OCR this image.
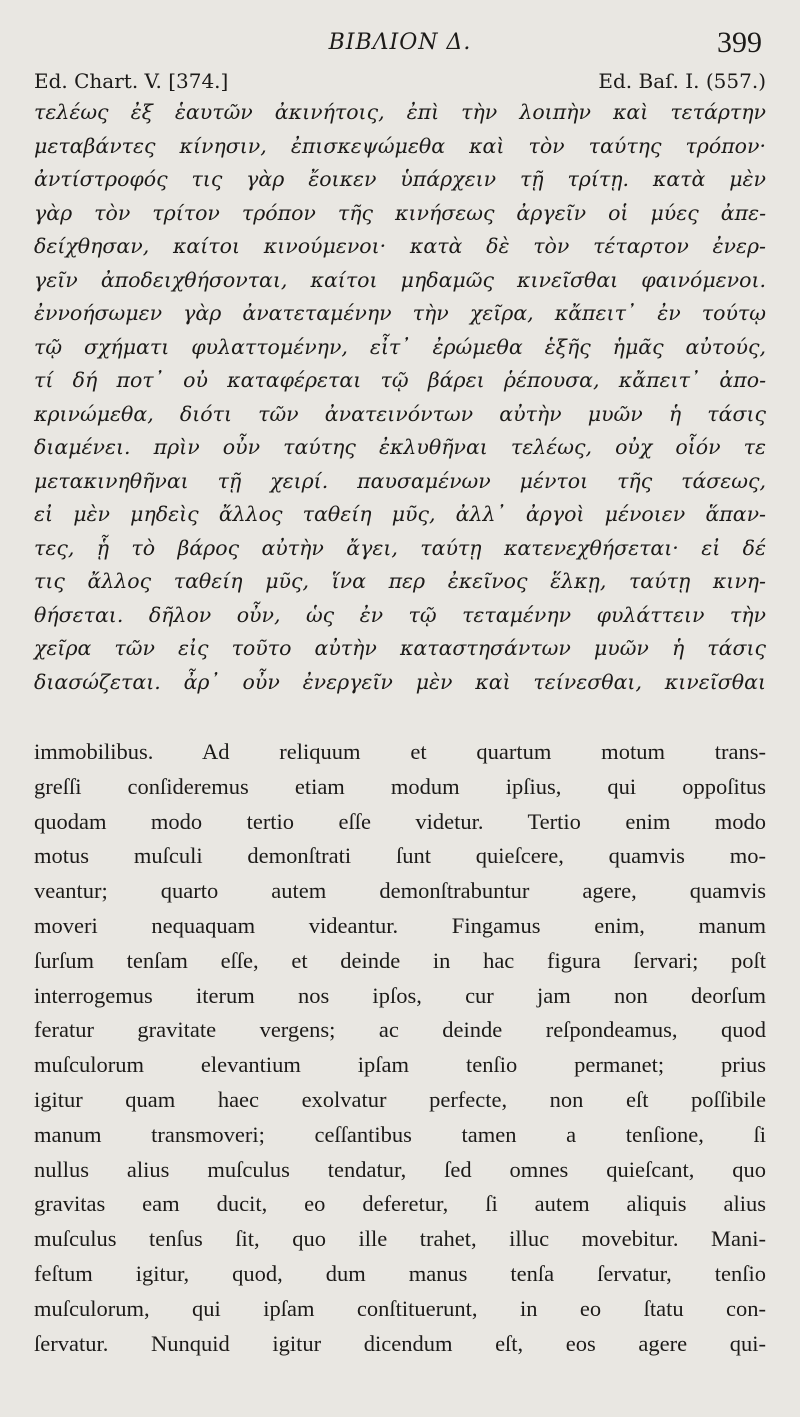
BIBΛΙΟΝ Δ.	399
Ed. Chart. V. [374.]	Ed. Baſ. I. (557.)
τελέως ἐξ ἑαυτῶν ἀκινήτοις, ἐπὶ τὴν λοιπὴν καὶ τετάρτην
μεταβάντες κίνησιν, ἐπισκεψώμεθα καὶ τὸν ταύτης τρόπον·
ἀντίστροφός τις γὰρ ἔοικεν ὑπάρχειν τῇ τρίτῃ. κατὰ μὲν
γὰρ τὸν τρίτον τρόπον τῆς κινήσεως ἀργεῖν οἱ μύες ἀπε-
δείχθησαν, καίτοι κινούμενοι· κατὰ δὲ τὸν τέταρτον ἐνερ-
γεῖν ἀποδειχθήσονται, καίτοι μηδαμῶς κινεῖσθαι φαινόμενοι.
ἐννοήσωμεν γὰρ ἀνατεταμένην τὴν χεῖρα, κἄπειτ᾽ ἐν τούτῳ
τῷ σχήματι φυλαττομένην, εἶτ᾽ ἐρώμεθα ἑξῆς ἡμᾶς αὐτούς,
τί δή ποτ᾽ οὐ καταφέρεται τῷ βάρει ῥέπουσα, κἄπειτ᾽ ἀπο-
κρινώμεθα, διότι τῶν ἀνατεινόντων αὐτὴν μυῶν ἡ τάσις
διαμένει. πρὶν οὖν ταύτης ἐκλυθῆναι τελέως, οὐχ οἷόν τε
μετακινηθῆναι τῇ χειρί. παυσαμένων μέντοι τῆς τάσεως,
εἰ μὲν μηδεὶς ἄλλος ταθείη μῦς, ἀλλ᾽ ἀργοὶ μένοιεν ἅπαν-
τες, ᾗ τὸ βάρος αὐτὴν ἄγει, ταύτῃ κατενεχθήσεται· εἰ δέ
τις ἄλλος ταθείη μῦς, ἵνα περ ἐκεῖνος ἕλκῃ, ταύτῃ κινη-
θήσεται. δῆλον οὖν, ὡς ἐν τῷ τεταμένην φυλάττειν τὴν
χεῖρα τῶν εἰς τοῦτο αὐτὴν καταστησάντων μυῶν ἡ τάσις
διασώζεται. ἆρ᾽ οὖν ἐνεργεῖν μὲν καὶ τείνεσθαι, κινεῖσθαι
immobilibus. Ad reliquum et quartum motum trans-
greſſi conſideremus etiam modum ipſius, qui oppoſitus
quodam modo tertio eſſe videtur. Tertio enim modo
motus muſculi demonſtrati ſunt quieſcere, quamvis mo-
veantur; quarto autem demonſtrabuntur agere, quamvis
moveri nequaquam videantur. Fingamus enim, manum
ſurſum tenſam eſſe, et deinde in hac figura ſervari; poſt
interrogemus iterum nos ipſos, cur jam non deorſum
feratur gravitate vergens; ac deinde reſpondeamus, quod
muſculorum elevantium ipſam tenſio permanet; prius
igitur quam haec exolvatur perfecte, non eſt poſſibile
manum transmoveri; ceſſantibus tamen a tenſione, ſi
nullus alius muſculus tendatur, ſed omnes quieſcant, quo
gravitas eam ducit, eo deferetur, ſi autem aliquis alius
muſculus tenſus ſit, quo ille trahet, illuc movebitur. Mani-
feſtum igitur, quod, dum manus tenſa ſervatur, tenſio
muſculorum, qui ipſam conſtituerunt, in eo ſtatu con-
ſervatur. Nunquid igitur dicendum eſt, eos agere qui-
